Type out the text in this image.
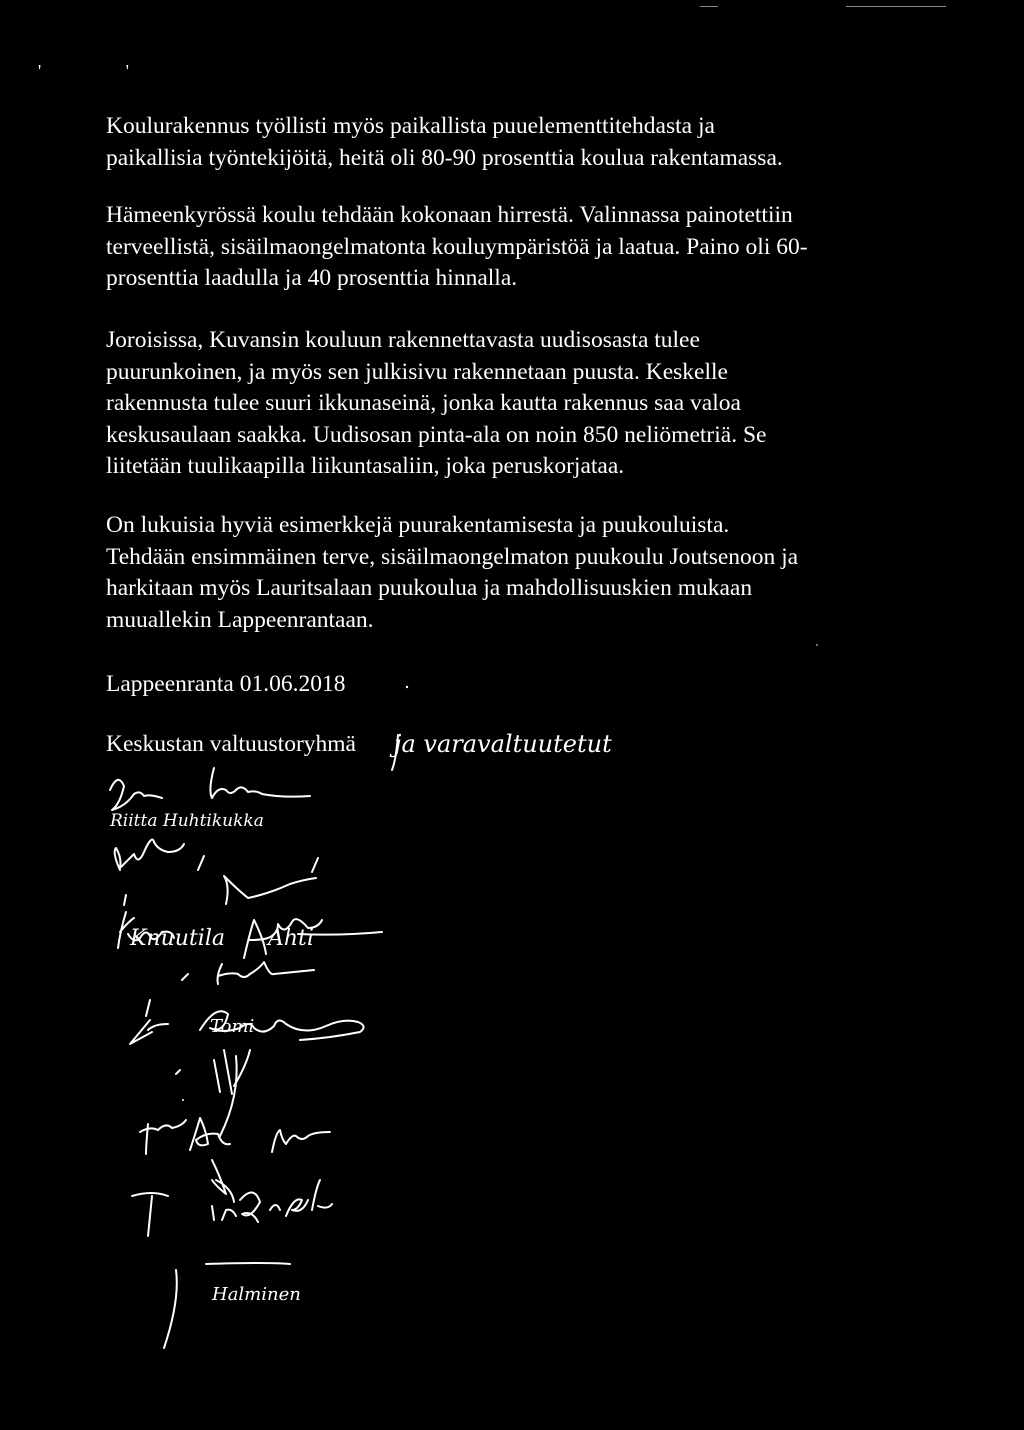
' '

Koulurakennus työllisti myös paikallista puuelementtitehdasta ja
paikallisia työntekijöitä, heitä oli 80-90 prosenttia koulua rakentamassa.

Hämeenkyrössä koulu tehdään kokonaan hirrestä. Valinnassa painotettiin
terveellistä, sisäilmaongelmatonta kouluympäristöä ja laatua. Paino oli 60-
prosenttia laadulla ja 40 prosenttia hinnalla.

Joroisissa, Kuvansin kouluun rakennettavasta uudisosasta tulee
puurunkoinen, ja myös sen julkisivu rakennetaan puusta. Keskelle
rakennusta tulee suuri ikkunaseinä, jonka kautta rakennus saa valoa
keskusaulaan saakka. Uudisosan pinta-ala on noin 850 neliömetriä. Se
liitetään tuulikaapilla liikuntasaliin, joka peruskorjataa.

On lukuisia hyviä esimerkkejä puurakentamisesta ja puukouluista.
Tehdään ensimmäinen terve, sisäilmaongelmaton puukoulu Joutsenoon ja
harkitaan myös Lauritsalaan puukoulua ja mahdollisuuskien mukaan
muuallekin Lappeenrantaan.

Lappeenranta 01.06.2018
Keskustan valtuustoryhmä ja varavaltuutetut
Riitta Huhtikukka
Knuutila Ahti
Tomi
Halminen
